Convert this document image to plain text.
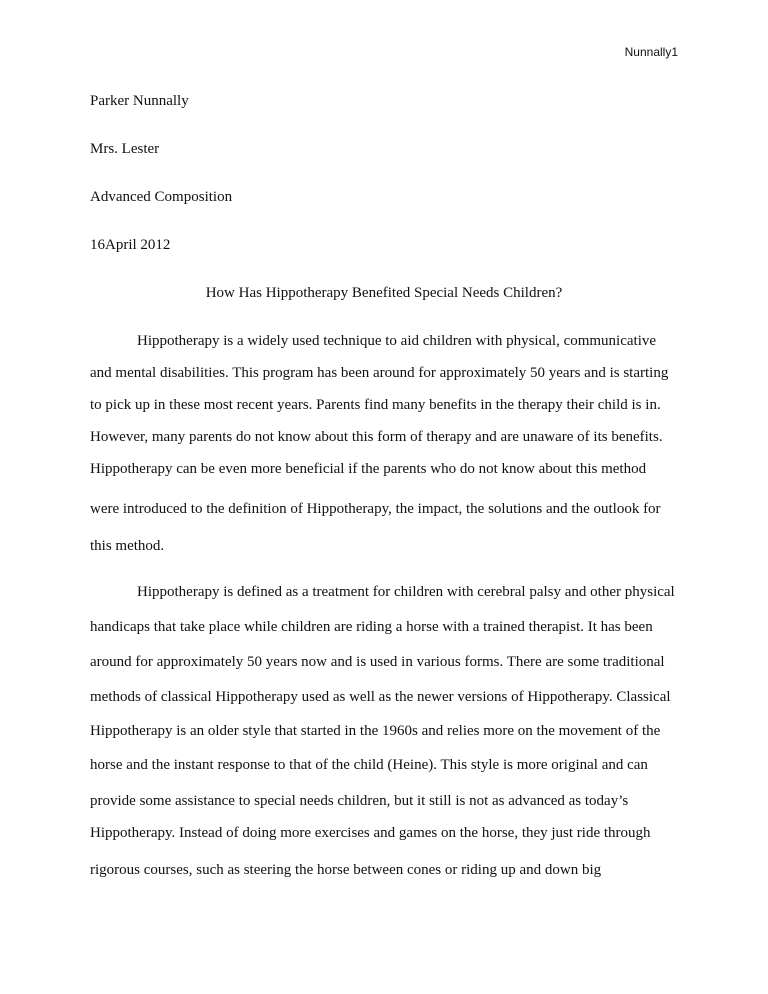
Nunnally1
Parker Nunnally
Mrs. Lester
Advanced Composition
16April 2012
How Has Hippotherapy Benefited Special Needs Children?
Hippotherapy is a widely used technique to aid children with physical, communicative
and mental disabilities. This program has been around for approximately 50 years and is starting
to pick up in these most recent years. Parents find many benefits in the therapy their child is in.
However, many parents do not know about this form of therapy and are unaware of its benefits.
Hippotherapy can be even more beneficial if the parents who do not know about this method
were introduced to the definition of Hippotherapy, the impact, the solutions and the outlook for
this method.
Hippotherapy is defined as a treatment for children with cerebral palsy and other physical
handicaps that take place while children are riding a horse with a trained therapist. It has been
around for approximately 50 years now and is used in various forms. There are some traditional
methods of classical Hippotherapy used as well as the newer versions of Hippotherapy. Classical
Hippotherapy is an older style that started in the 1960s and relies more on the movement of the
horse and the instant response to that of the child (Heine). This style is more original and can
provide some assistance to special needs children, but it still is not as advanced as today’s
Hippotherapy. Instead of doing more exercises and games on the horse, they just ride through
rigorous courses, such as steering the horse between cones or riding up and down big
